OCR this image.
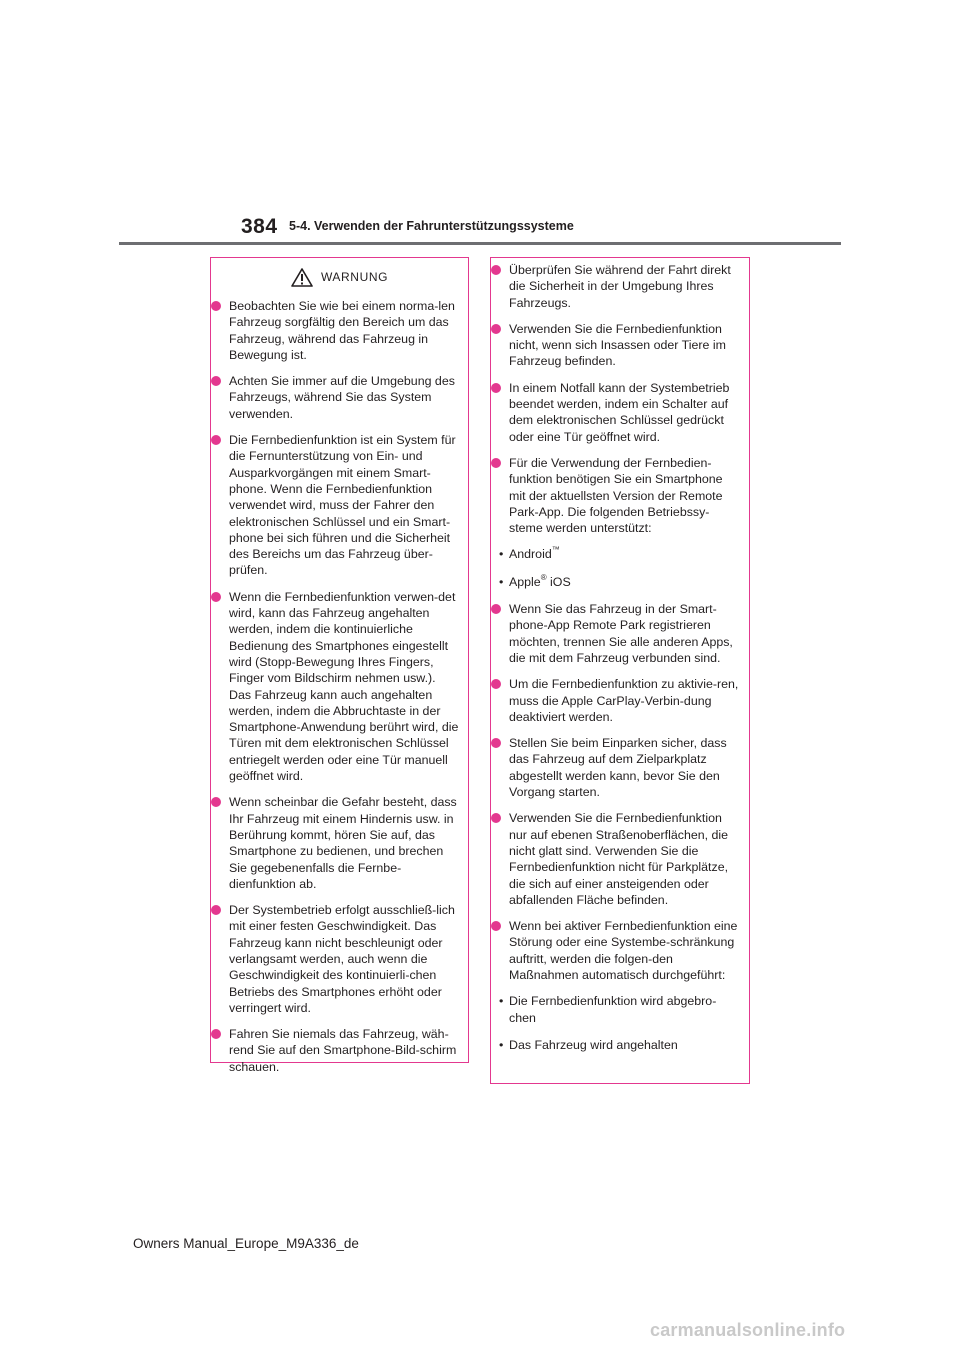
384 5-4. Verwenden der Fahrunterstützungssysteme
WARNUNG
Beobachten Sie wie bei einem norma-len Fahrzeug sorgfältig den Bereich um das Fahrzeug, während das Fahrzeug in Bewegung ist.
Achten Sie immer auf die Umgebung des Fahrzeugs, während Sie das System verwenden.
Die Fernbedienfunktion ist ein System für die Fernunterstützung von Ein- und Ausparkvorgängen mit einem Smart-phone. Wenn die Fernbedienfunktion verwendet wird, muss der Fahrer den elektronischen Schlüssel und ein Smart-phone bei sich führen und die Sicherheit des Bereichs um das Fahrzeug über-prüfen.
Wenn die Fernbedienfunktion verwen-det wird, kann das Fahrzeug angehalten werden, indem die kontinuierliche Bedienung des Smartphones eingestellt wird (Stopp-Bewegung Ihres Fingers, Finger vom Bildschirm nehmen usw.). Das Fahrzeug kann auch angehalten werden, indem die Abbruchtaste in der Smartphone-Anwendung berührt wird, die Türen mit dem elektronischen Schlüssel entriegelt werden oder eine Tür manuell geöffnet wird.
Wenn scheinbar die Gefahr besteht, dass Ihr Fahrzeug mit einem Hindernis usw. in Berührung kommt, hören Sie auf, das Smartphone zu bedienen, und brechen Sie gegebenenfalls die Fernbe-dienfunktion ab.
Der Systembetrieb erfolgt ausschließ-lich mit einer festen Geschwindigkeit. Das Fahrzeug kann nicht beschleunigt oder verlangsamt werden, auch wenn die Geschwindigkeit des kontinuierli-chen Betriebs des Smartphones erhöht oder verringert wird.
Fahren Sie niemals das Fahrzeug, wäh-rend Sie auf den Smartphone-Bild-schirm schauen.
Überprüfen Sie während der Fahrt direkt die Sicherheit in der Umgebung Ihres Fahrzeugs.
Verwenden Sie die Fernbedienfunktion nicht, wenn sich Insassen oder Tiere im Fahrzeug befinden.
In einem Notfall kann der Systembetrieb beendet werden, indem ein Schalter auf dem elektronischen Schlüssel gedrückt oder eine Tür geöffnet wird.
Für die Verwendung der Fernbedien-funktion benötigen Sie ein Smartphone mit der aktuellsten Version der Remote Park-App. Die folgenden Betriebssy-steme werden unterstützt:
• Android™
• Apple® iOS
Wenn Sie das Fahrzeug in der Smart-phone-App Remote Park registrieren möchten, trennen Sie alle anderen Apps, die mit dem Fahrzeug verbunden sind.
Um die Fernbedienfunktion zu aktivie-ren, muss die Apple CarPlay-Verbin-dung deaktiviert werden.
Stellen Sie beim Einparken sicher, dass das Fahrzeug auf dem Zielparkplatz abgestellt werden kann, bevor Sie den Vorgang starten.
Verwenden Sie die Fernbedienfunktion nur auf ebenen Straßenoberflächen, die nicht glatt sind. Verwenden Sie die Fernbedienfunktion nicht für Parkplätze, die sich auf einer ansteigenden oder abfallenden Fläche befinden.
Wenn bei aktiver Fernbedienfunktion eine Störung oder eine Systembe-schränkung auftritt, werden die folgen-den Maßnahmen automatisch durchgeführt:
• Die Fernbedienfunktion wird abgebro-chen
• Das Fahrzeug wird angehalten
Owners Manual_Europe_M9A336_de
carmanualsonline.info
